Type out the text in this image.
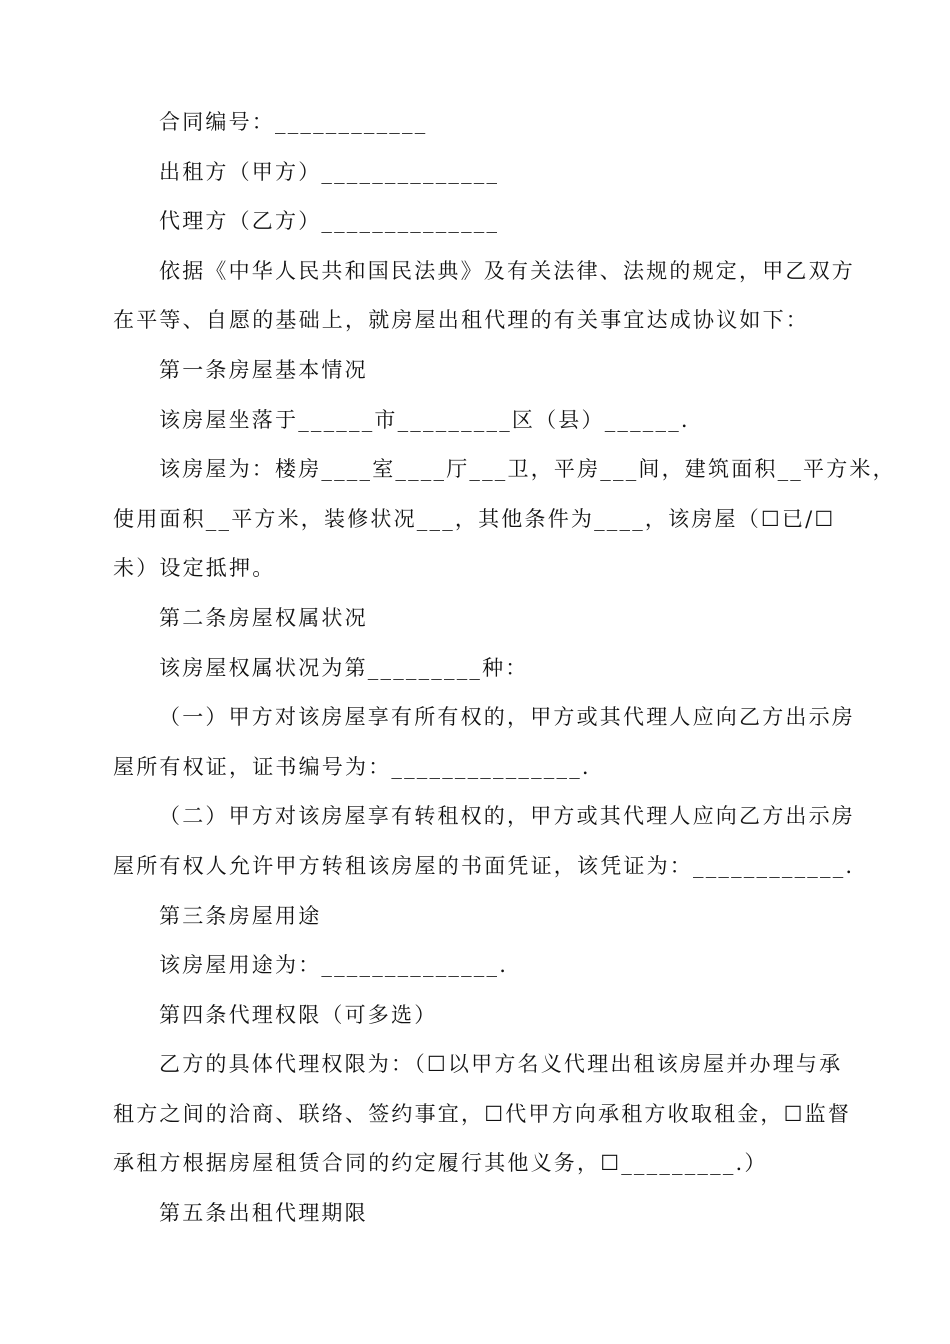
合同编号：____________

出租方（甲方）______________

代理方（乙方）______________

依据《中华人民共和国民法典》及有关法律、法规的规定，甲乙双方

在平等、自愿的基础上，就房屋出租代理的有关事宜达成协议如下：

第一条房屋基本情况

该房屋坐落于______市_________区（县）______.

该房屋为：楼房____室____厅___卫，平房___间，建筑面积__平方米，

使用面积__平方米，装修状况___，其他条件为____，该房屋（☐已/☐

未）设定抵押。

第二条房屋权属状况

该房屋权属状况为第_________种：

（一）甲方对该房屋享有所有权的，甲方或其代理人应向乙方出示房

屋所有权证，证书编号为：_______________.

（二）甲方对该房屋享有转租权的，甲方或其代理人应向乙方出示房

屋所有权人允许甲方转租该房屋的书面凭证，该凭证为：____________.

第三条房屋用途

该房屋用途为：______________.

第四条代理权限（可多选）

乙方的具体代理权限为：（☐以甲方名义代理出租该房屋并办理与承

租方之间的洽商、联络、签约事宜，☐代甲方向承租方收取租金，☐监督

承租方根据房屋租赁合同的约定履行其他义务，☐_________.）

第五条出租代理期限
